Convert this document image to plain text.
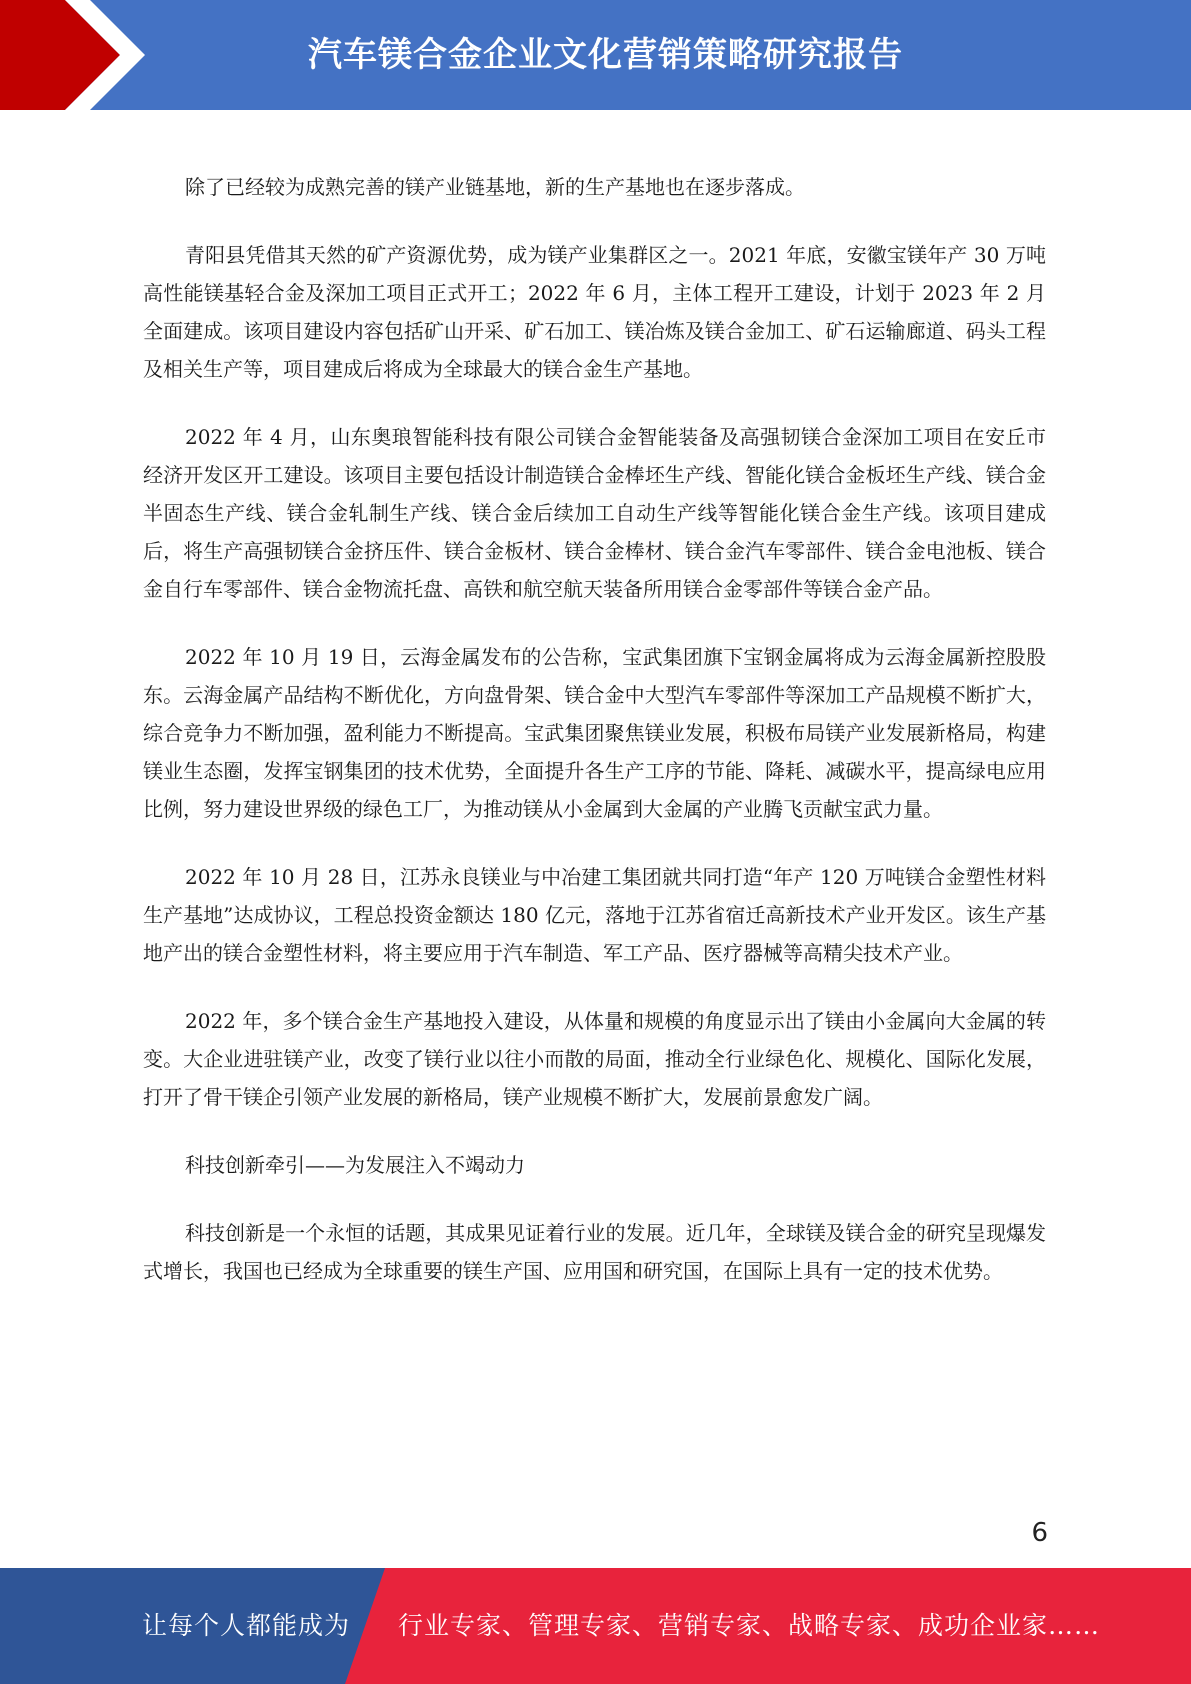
汽车镁合金企业文化营销策略研究报告

除了已经较为成熟完善的镁产业链基地，新的生产基地也在逐步落成。

青阳县凭借其天然的矿产资源优势，成为镁产业集群区之一。2021 年底，安徽宝镁年产 30 万吨高性能镁基轻合金及深加工项目正式开工；2022 年 6 月，主体工程开工建设，计划于 2023 年 2 月全面建成。该项目建设内容包括矿山开采、矿石加工、镁冶炼及镁合金加工、矿石运输廊道、码头工程及相关生产等，项目建成后将成为全球最大的镁合金生产基地。

2022 年 4 月，山东奥琅智能科技有限公司镁合金智能装备及高强韧镁合金深加工项目在安丘市经济开发区开工建设。该项目主要包括设计制造镁合金棒坯生产线、智能化镁合金板坯生产线、镁合金半固态生产线、镁合金轧制生产线、镁合金后续加工自动生产线等智能化镁合金生产线。该项目建成后，将生产高强韧镁合金挤压件、镁合金板材、镁合金棒材、镁合金汽车零部件、镁合金电池板、镁合金自行车零部件、镁合金物流托盘、高铁和航空航天装备所用镁合金零部件等镁合金产品。

2022 年 10 月 19 日，云海金属发布的公告称，宝武集团旗下宝钢金属将成为云海金属新控股股东。云海金属产品结构不断优化，方向盘骨架、镁合金中大型汽车零部件等深加工产品规模不断扩大，综合竞争力不断加强，盈利能力不断提高。宝武集团聚焦镁业发展，积极布局镁产业发展新格局，构建镁业生态圈，发挥宝钢集团的技术优势，全面提升各生产工序的节能、降耗、减碳水平，提高绿电应用比例，努力建设世界级的绿色工厂，为推动镁从小金属到大金属的产业腾飞贡献宝武力量。

2022 年 10 月 28 日，江苏永良镁业与中冶建工集团就共同打造“年产 120 万吨镁合金塑性材料生产基地”达成协议，工程总投资金额达 180 亿元，落地于江苏省宿迁高新技术产业开发区。该生产基地产出的镁合金塑性材料，将主要应用于汽车制造、军工产品、医疗器械等高精尖技术产业。

2022 年，多个镁合金生产基地投入建设，从体量和规模的角度显示出了镁由小金属向大金属的转变。大企业进驻镁产业，改变了镁行业以往小而散的局面，推动全行业绿色化、规模化、国际化发展，打开了骨干镁企引领产业发展的新格局，镁产业规模不断扩大，发展前景愈发广阔。

科技创新牵引——为发展注入不竭动力

科技创新是一个永恒的话题，其成果见证着行业的发展。近几年，全球镁及镁合金的研究呈现爆发式增长，我国也已经成为全球重要的镁生产国、应用国和研究国，在国际上具有一定的技术优势。

6
让每个人都能成为 行业专家、管理专家、营销专家、战略专家、成功企业家……
